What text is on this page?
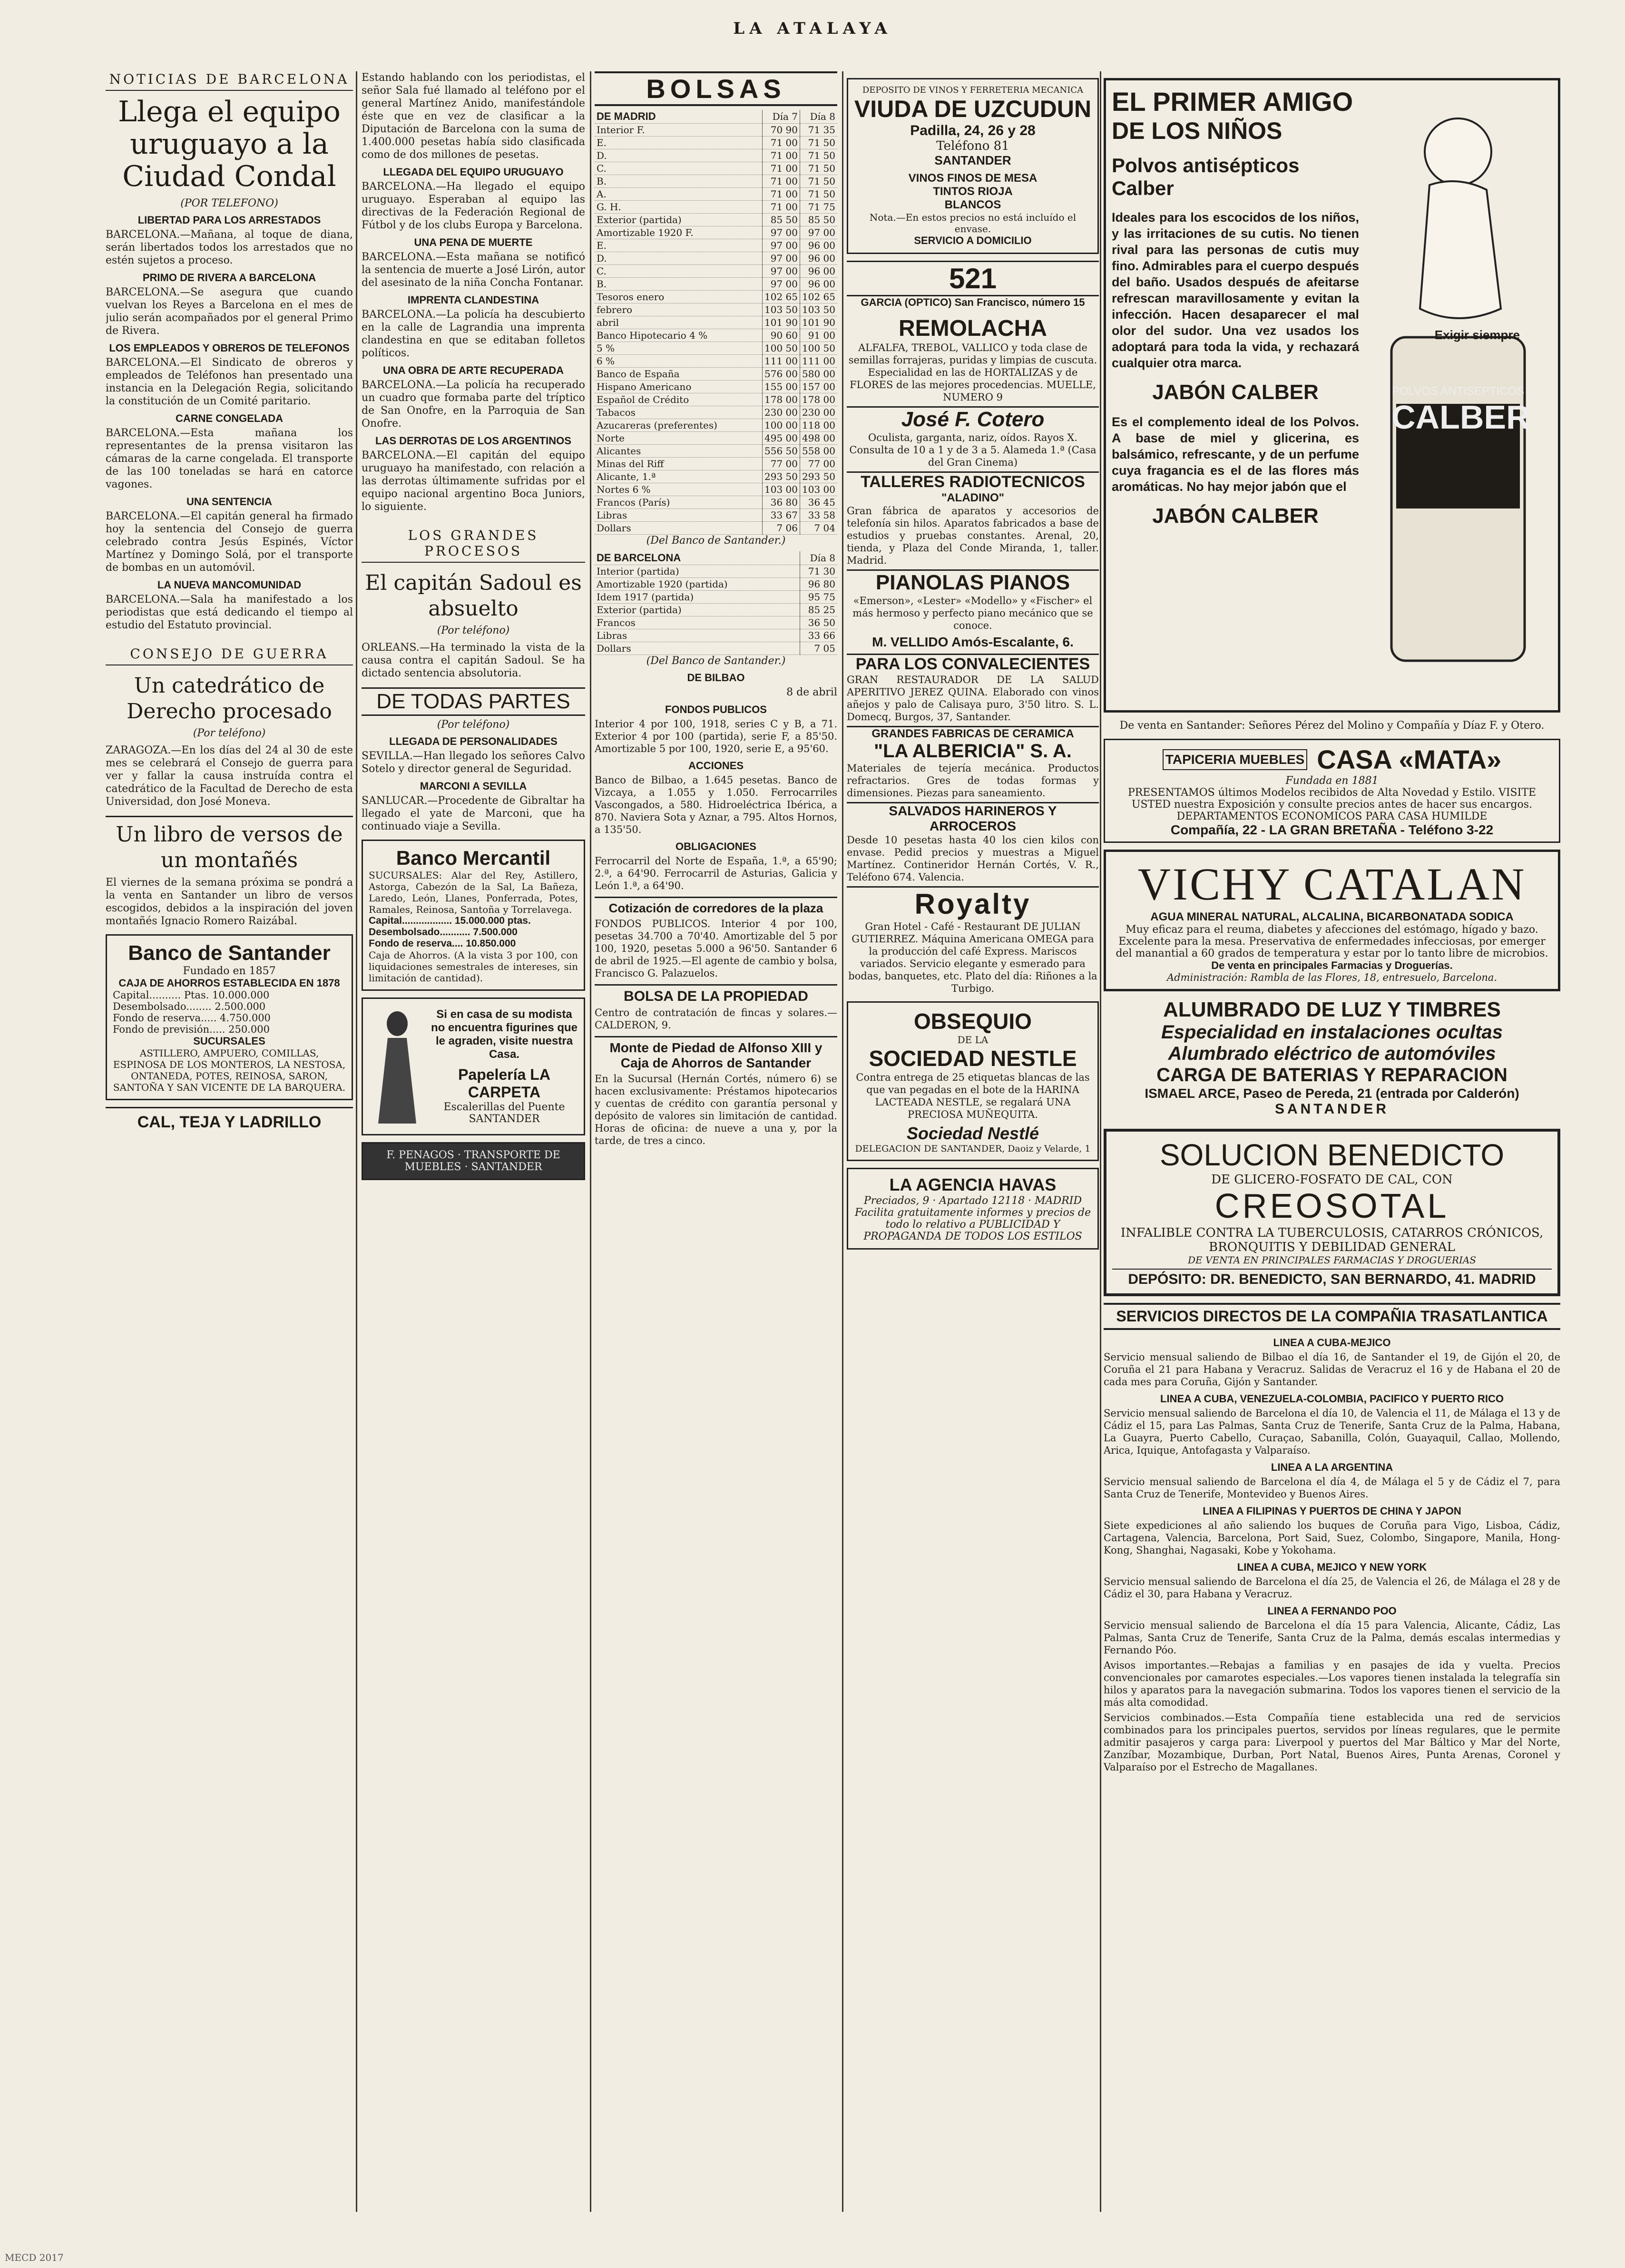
LA ATALAYA
NOTICIAS DE BARCELONA
Llega el equipo uruguayo a la Ciudad Condal
(POR TELEFONO)
LIBERTAD PARA LOS ARRESTADOS

BARCELONA.—Mañana, al toque de diana, serán libertados todos los arrestados que no estén sujetos a proceso.

PRIMO DE RIVERA A BARCELONA

BARCELONA.—Se asegura que cuando vuelvan los Reyes a Barcelona en el mes de julio serán acompañados por el general Primo de Rivera.

LOS EMPLEADOS Y OBREROS DE TELEFONOS

BARCELONA.—El Sindicato de obreros y empleados de Teléfonos han presentado una instancia en la Delegación Regia, solicitando la constitución de un Comité paritario.

CARNE CONGELADA

BARCELONA.—Esta mañana los representantes de la prensa visitaron las cámaras de la carne congelada. El transporte de las 100 toneladas se hará en catorce vagones.

UNA SENTENCIA

BARCELONA.—El capitán general ha firmado hoy la sentencia del Consejo de guerra celebrado contra Jesús Espinés, Víctor Martínez y Domingo Solá, por el transporte de bombas en un automóvil.

LA NUEVA MANCOMUNIDAD

BARCELONA.—Sala ha manifestado a los periodistas que está dedicando el tiempo al estudio del Estatuto provincial.

CONSEJO DE GUERRA
Un catedrático de Derecho procesado
(Por teléfono)

ZARAGOZA.—En los días del 24 al 30 de este mes se celebrará el Consejo de guerra para ver y fallar la causa instruída contra el catedrático de la Facultad de Derecho de esta Universidad, don José Moneva.

Un libro de versos de un montañés

El viernes de la semana próxima se pondrá a la venta en Santander un libro de versos escogidos, debidos a la inspiración del joven montañés Ignacio Romero Raizábal.

Banco de Santander
Fundado en 1857
CAJA DE AHORROS ESTABLECIDA EN 1878
Capital.......... Ptas. 10.000.000
Desembolsado........ 2.500.000
Fondo de reserva..... 4.750.000
Fondo de previsión..... 250.000
SUCURSALES
ASTILLERO, AMPUERO, COMILLAS, ESPINOSA DE LOS MONTEROS, LA NESTOSA, ONTANEDA, POTES, REINOSA, SARON, SANTOÑA Y SAN VICENTE DE LA BARQUERA.
CAL, TEJA Y LADRILLO

Estando hablando con los periodistas, el señor Sala fué llamado al teléfono por el general Martínez Anido, manifestándole éste que en vez de clasificar a la Diputación de Barcelona con la suma de 1.400.000 pesetas había sido clasificada como de dos millones de pesetas.

LLEGADA DEL EQUIPO URUGUAYO

BARCELONA.—Ha llegado el equipo uruguayo. Esperaban al equipo las directivas de la Federación Regional de Fútbol y de los clubs Europa y Barcelona.

UNA PENA DE MUERTE

BARCELONA.—Esta mañana se notificó la sentencia de muerte a José Lirón, autor del asesinato de la niña Concha Fontanar.

IMPRENTA CLANDESTINA

BARCELONA.—La policía ha descubierto en la calle de Lagrandia una imprenta clandestina en que se editaban folletos políticos.

UNA OBRA DE ARTE RECUPERADA

BARCELONA.—La policía ha recuperado un cuadro que formaba parte del tríptico de San Onofre, en la Parroquia de San Onofre.

LAS DERROTAS DE LOS ARGENTINOS

BARCELONA.—El capitán del equipo uruguayo ha manifestado, con relación a las derrotas últimamente sufridas por el equipo nacional argentino Boca Juniors, lo siguiente.

LOS GRANDES PROCESOS
El capitán Sadoul es absuelto
(Por teléfono)

ORLEANS.—Ha terminado la vista de la causa contra el capitán Sadoul. Se ha dictado sentencia absolutoria.

DE TODAS PARTES
(Por teléfono)
LLEGADA DE PERSONALIDADES

SEVILLA.—Han llegado los señores Calvo Sotelo y director general de Seguridad.

MARCONI A SEVILLA

SANLUCAR.—Procedente de Gibraltar ha llegado el yate de Marconi, que ha continuado viaje a Sevilla.

Banco Mercantil
SUCURSALES: Alar del Rey, Astillero, Astorga, Cabezón de la Sal, La Bañeza, Laredo, León, Llanes, Ponferrada, Potes, Ramales, Reinosa, Santoña y Torrelavega.
Capital.................. 15.000.000 ptas.
Desembolsado........... 7.500.000
Fondo de reserva.... 10.850.000
Caja de Ahorros. (A la vista 3 por 100, con liquidaciones semestrales de intereses, sin limitación de cantidad).
Si en casa de su modista no encuentra figurines que le agraden, visite nuestra Casa.
Papelería LA CARPETA
Escalerillas del Puente SANTANDER
F. PENAGOS · TRANSPORTE DE MUEBLES · SANTANDER
BOLSAS
DE MADRID	Día 7	Día 8
Interior F.	70 90	71 35
E.	71 00	71 50
D.	71 00	71 50
C.	71 00	71 50
B.	71 00	71 50
A.	71 00	71 50
G. H.	71 00	71 75
Exterior (partida)	85 50	85 50
Amortizable 1920 F.	97 00	97 00
E.	97 00	96 00
D.	97 00	96 00
C.	97 00	96 00
B.	97 00	96 00
Tesoros enero	102 65	102 65
febrero	103 50	103 50
abril	101 90	101 90
Banco Hipotecario 4 %	90 60	91 00
5 %	100 50	100 50
6 %	111 00	111 00
Banco de España	576 00	580 00
Hispano Americano	155 00	157 00
Español de Crédito	178 00	178 00
Tabacos	230 00	230 00
Azucareras (preferentes)	100 00	118 00
Norte	495 00	498 00
Alicantes	556 50	558 00
Minas del Riff	77 00	77 00
Alicante, 1.ª	293 50	293 50
Nortes 6 %	103 00	103 00
Francos (París)	36 80	36 45
Libras	33 67	33 58
Dollars	7 06	7 04
(Del Banco de Santander.)
DE BARCELONA	Día 8
Interior (partida)	71 30
Amortizable 1920 (partida)	96 80
Idem 1917 (partida)	95 75
Exterior (partida)	85 25
Francos	36 50
Libras	33 66
Dollars	7 05
(Del Banco de Santander.)
DE BILBAO
8 de abril
FONDOS PUBLICOS

Interior 4 por 100, 1918, series C y B, a 71. Exterior 4 por 100 (partida), serie F, a 85'50. Amortizable 5 por 100, 1920, serie E, a 95'60.

ACCIONES

Banco de Bilbao, a 1.645 pesetas. Banco de Vizcaya, a 1.055 y 1.050. Ferrocarriles Vascongados, a 580. Hidroeléctrica Ibérica, a 870. Naviera Sota y Aznar, a 795. Altos Hornos, a 135'50.

OBLIGACIONES

Ferrocarril del Norte de España, 1.ª, a 65'90; 2.ª, a 64'90. Ferrocarril de Asturias, Galicia y León 1.ª, a 64'90.

Cotización de corredores de la plaza

FONDOS PUBLICOS. Interior 4 por 100, pesetas 34.700 a 70'40. Amortizable del 5 por 100, 1920, pesetas 5.000 a 96'50. Santander 6 de abril de 1925.—El agente de cambio y bolsa, Francisco G. Palazuelos.

BOLSA DE LA PROPIEDAD

Centro de contratación de fincas y solares.—CALDERON, 9.

Monte de Piedad de Alfonso XIII y Caja de Ahorros de Santander

En la Sucursal (Hernán Cortés, número 6) se hacen exclusivamente: Préstamos hipotecarios y cuentas de crédito con garantía personal y depósito de valores sin limitación de cantidad. Horas de oficina: de nueve a una y, por la tarde, de tres a cinco.

DEPOSITO DE VINOS Y FERRETERIA MECANICA
VIUDA DE UZCUDUN
Padilla, 24, 26 y 28
Teléfono 81
SANTANDER
VINOS FINOS DE MESA
TINTOS RIOJA
BLANCOS
Nota.—En estos precios no está incluído el envase.
SERVICIO A DOMICILIO
521
GARCIA (OPTICO) San Francisco, número 15
REMOLACHA

ALFALFA, TREBOL, VALLICO y toda clase de semillas forrajeras, puridas y limpias de cuscuta. Especialidad en las de HORTALIZAS y de FLORES de las mejores procedencias. MUELLE, NUMERO 9

José F. Cotero

Oculista, garganta, nariz, oídos. Rayos X. Consulta de 10 a 1 y de 3 a 5. Alameda 1.ª (Casa del Gran Cinema)

TALLERES RADIOTECNICOS
"ALADINO"

Gran fábrica de aparatos y accesorios de telefonía sin hilos. Aparatos fabricados a base de estudios y pruebas constantes. Arenal, 20, tienda, y Plaza del Conde Miranda, 1, taller. Madrid.

PIANOLAS PIANOS

«Emerson», «Lester» «Modello» y «Fischer» el más hermoso y perfecto piano mecánico que se conoce.

M. VELLIDO Amós-Escalante, 6.
PARA LOS CONVALECIENTES

GRAN RESTAURADOR DE LA SALUD APERITIVO JEREZ QUINA. Elaborado con vinos añejos y palo de Calisaya puro, 3'50 litro. S. L. Domecq, Burgos, 37, Santander.

GRANDES FABRICAS DE CERAMICA
"LA ALBERICIA" S. A.

Materiales de tejería mecánica. Productos refractarios. Gres de todas formas y dimensiones. Piezas para saneamiento.

SALVADOS HARINEROS Y ARROCEROS

Desde 10 pesetas hasta 40 los cien kilos con envase. Pedid precios y muestras a Miguel Martínez. Contineridor Hernán Cortés, V. R., Teléfono 674. Valencia.

Royalty

Gran Hotel - Café - Restaurant DE JULIAN GUTIERREZ. Máquina Americana OMEGA para la producción del café Express. Mariscos variados. Servicio elegante y esmerado para bodas, banquetes, etc. Plato del día: Riñones a la Turbigo.

OBSEQUIO
DE LA
SOCIEDAD NESTLE

Contra entrega de 25 etiquetas blancas de las que van pegadas en el bote de la HARINA LACTEADA NESTLE, se regalará UNA PRECIOSA MUÑEQUITA.

Sociedad Nestlé
DELEGACION DE SANTANDER, Daoiz y Velarde, 1
LA AGENCIA HAVAS
Preciados, 9 · Apartado 12118 · MADRID
Facilita gratuitamente informes y precios de todo lo relativo a PUBLICIDAD Y PROPAGANDA DE TODOS LOS ESTILOS
EL PRIMER AMIGO
DE LOS NIÑOS
Polvos antisépticos Calber

Ideales para los escocidos de los niños, y las irritaciones de su cutis. No tienen rival para las personas de cutis muy fino. Admirables para el cuerpo después del baño. Usados después de afeitarse refrescan maravillosamente y evitan la infección. Hacen desaparecer el mal olor del sudor. Una vez usados los adoptará para toda la vida, y rechazará cualquier otra marca.

JABÓN CALBER

Es el complemento ideal de los Polvos. A base de miel y glicerina, es balsámico, refrescante, y de un perfume cuya fragancia es el de las flores más aromáticas. No hay mejor jabón que el

JABÓN CALBER
Exigir siempre
POLVOS ANTISEPTICOS
CALBER
De venta en Santander: Señores Pérez del Molino y Compañía y Díaz F. y Otero.
TAPICERIA MUEBLES CASA «MATA»
Fundada en 1881
PRESENTAMOS últimos Modelos recibidos de Alta Novedad y Estilo. VISITE USTED nuestra Exposición y consulte precios antes de hacer sus encargos. DEPARTAMENTOS ECONOMICOS PARA CASA HUMILDE
Compañía, 22 - LA GRAN BRETAÑA - Teléfono 3-22
VICHY CATALAN
AGUA MINERAL NATURAL, ALCALINA, BICARBONATADA SODICA
Muy eficaz para el reuma, diabetes y afecciones del estómago, hígado y bazo. Excelente para la mesa. Preservativa de enfermedades infecciosas, por emerger del manantial a 60 grados de temperatura y estar por lo tanto libre de microbios.
De venta en principales Farmacias y Droguerías.
Administración: Rambla de las Flores, 18, entresuelo, Barcelona.
ALUMBRADO DE LUZ Y TIMBRES
Especialidad en instalaciones ocultas
Alumbrado eléctrico de automóviles
CARGA DE BATERIAS Y REPARACION
ISMAEL ARCE, Paseo de Pereda, 21 (entrada por Calderón)
SANTANDER
SOLUCION BENEDICTO
DE GLICERO-FOSFATO DE CAL, CON
CREOSOTAL
INFALIBLE CONTRA LA TUBERCULOSIS, CATARROS CRÓNICOS, BRONQUITIS Y DEBILIDAD GENERAL
DE VENTA EN PRINCIPALES FARMACIAS Y DROGUERIAS
DEPÓSITO: DR. BENEDICTO, SAN BERNARDO, 41. MADRID
SERVICIOS DIRECTOS DE LA COMPAÑIA TRASATLANTICA
LINEA A CUBA-MEJICO

Servicio mensual saliendo de Bilbao el día 16, de Santander el 19, de Gijón el 20, de Coruña el 21 para Habana y Veracruz. Salidas de Veracruz el 16 y de Habana el 20 de cada mes para Coruña, Gijón y Santander.

LINEA A CUBA, VENEZUELA-COLOMBIA, PACIFICO Y PUERTO RICO

Servicio mensual saliendo de Barcelona el día 10, de Valencia el 11, de Málaga el 13 y de Cádiz el 15, para Las Palmas, Santa Cruz de Tenerife, Santa Cruz de la Palma, Habana, La Guayra, Puerto Cabello, Curaçao, Sabanilla, Colón, Guayaquil, Callao, Mollendo, Arica, Iquique, Antofagasta y Valparaíso.

LINEA A LA ARGENTINA

Servicio mensual saliendo de Barcelona el día 4, de Málaga el 5 y de Cádiz el 7, para Santa Cruz de Tenerife, Montevideo y Buenos Aires.

LINEA A FILIPINAS Y PUERTOS DE CHINA Y JAPON

Siete expediciones al año saliendo los buques de Coruña para Vigo, Lisboa, Cádiz, Cartagena, Valencia, Barcelona, Port Said, Suez, Colombo, Singapore, Manila, Hong-Kong, Shanghai, Nagasaki, Kobe y Yokohama.

LINEA A CUBA, MEJICO Y NEW YORK

Servicio mensual saliendo de Barcelona el día 25, de Valencia el 26, de Málaga el 28 y de Cádiz el 30, para Habana y Veracruz.

LINEA A FERNANDO POO

Servicio mensual saliendo de Barcelona el día 15 para Valencia, Alicante, Cádiz, Las Palmas, Santa Cruz de Tenerife, Santa Cruz de la Palma, demás escalas intermedias y Fernando Póo.

Avisos importantes.—Rebajas a familias y en pasajes de ida y vuelta. Precios convencionales por camarotes especiales.—Los vapores tienen instalada la telegrafía sin hilos y aparatos para la navegación submarina. Todos los vapores tienen el servicio de la más alta comodidad.

Servicios combinados.—Esta Compañía tiene establecida una red de servicios combinados para los principales puertos, servidos por líneas regulares, que le permite admitir pasajeros y carga para: Liverpool y puertos del Mar Báltico y Mar del Norte, Zanzíbar, Mozambique, Durban, Port Natal, Buenos Aires, Punta Arenas, Coronel y Valparaíso por el Estrecho de Magallanes.

MECD 2017
